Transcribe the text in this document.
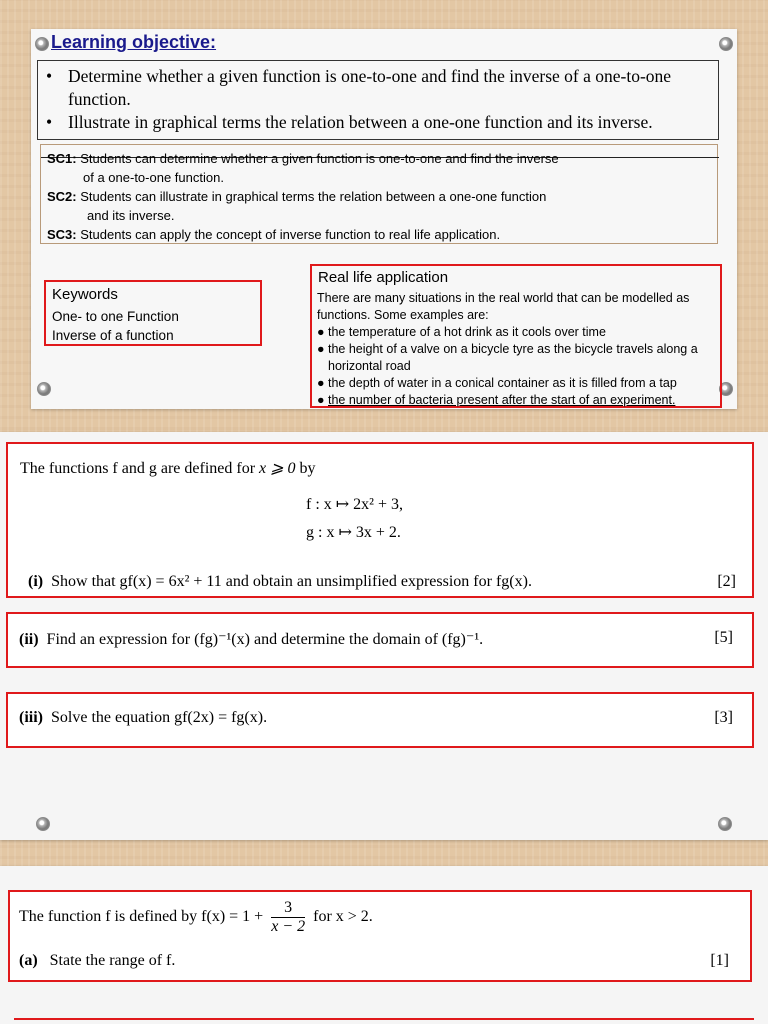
Learning objective:
• Determine whether a given function is one-to-one and find the inverse of a one-to-one function.
• Illustrate in graphical terms the relation between a one-one function and its inverse.
SC1: Students can determine whether a given function is one-to-one and find the inverse
of a one-to-one function.
SC2: Students can illustrate in graphical terms the relation between a one-one function
and its inverse.
SC3: Students can apply the concept of inverse function to real life application.
Keywords
One- to one Function
Inverse of a function
Real life application
There are many situations in the real world that can be modelled as functions. Some examples are:
● the temperature of a hot drink as it cools over time
● the height of a valve on a bicycle tyre as the bicycle travels along a horizontal road
● the depth of water in a conical container as it is filled from a tap
● the number of bacteria present after the start of an experiment.
The functions f and g are defined for x ⩾ 0 by
f : x ↦ 2x² + 3,
g : x ↦ 3x + 2.
(i) Show that gf(x) = 6x² + 11 and obtain an unsimplified expression for fg(x).	[2]
(ii) Find an expression for (fg)⁻¹(x) and determine the domain of (fg)⁻¹.	[5]
(iii) Solve the equation gf(2x) = fg(x).	[3]
The function f is defined by $f(x) = 1 + \frac{3}{x - 2}$ for x > 2.
(a) State the range of f.	[1]
